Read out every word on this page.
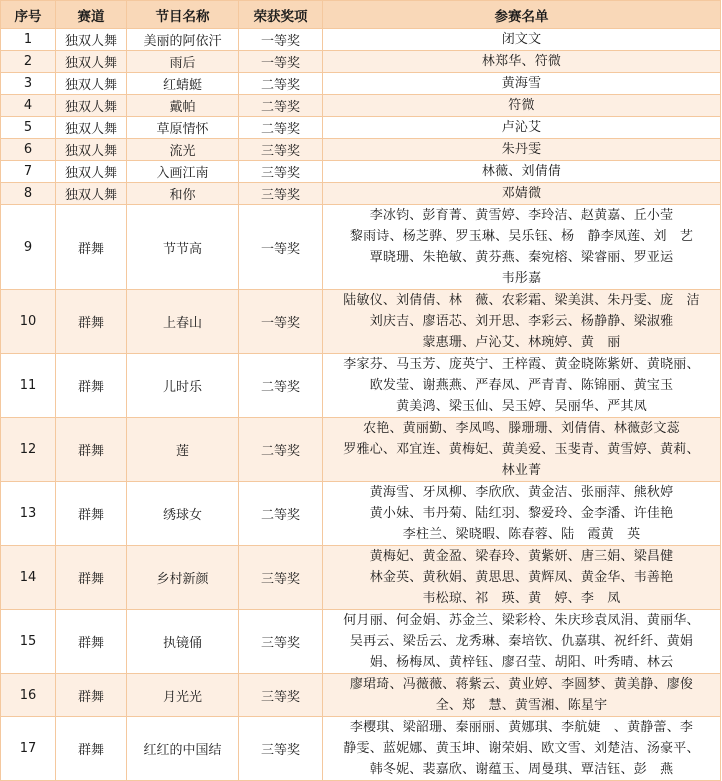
序号	赛道	节目名称	荣获奖项	参赛名单
1	独双人舞	美丽的阿依汗	一等奖	闭文文

2	独双人舞	雨后	一等奖	林郑华、符微

3	独双人舞	红蜻蜓	二等奖	黄海雪

4	独双人舞	戴帕	二等奖	符微

5	独双人舞	草原情怀	二等奖	卢沁艾

6	独双人舞	流光	三等奖	朱丹雯

7	独双人舞	入画江南	三等奖	林薇、刘倩倩

8	独双人舞	和你	三等奖	邓婧微

9	群舞	节节高	一等奖	李冰钧、彭育菁、黄雪婷、李玲洁、赵黄嘉、丘小莹
黎雨诗、杨芝骅、罗玉琳、吴乐钰、杨　静李凤莲、刘　艺
覃晓珊、朱艳敏、黄芬燕、秦宛榕、梁睿丽、罗亚运
韦彤嘉

10	群舞	上春山	一等奖	陆敏仪、刘倩倩、林　薇、农彩霜、梁美淇、朱丹雯、庞　洁
刘庆吉、廖语芯、刘开思、李彩云、杨静静、梁淑雅
蒙惠珊、卢沁艾、林琬婷、黄　丽

11	群舞	儿时乐	二等奖	李家芬、马玉芳、庞英宁、王梓霞、黄金晓陈紫妍、黄晓丽、
欧发莹、谢燕燕、严春凤、严青青、陈锦丽、黄宝玉
黄美鸿、梁玉仙、吴玉婷、吴丽华、严其凤

12	群舞	莲	二等奖	农艳、黄丽勤、李凤鸣、滕珊珊、刘倩倩、林薇彭文蕊
罗雅心、邓宜连、黄梅妃、黄美爱、玉斐青、黄雪婷、黄莉、
林业菁

13	群舞	绣球女	二等奖	黄海雪、牙凤柳、李欣欣、黄金洁、张丽萍、熊秋婷
黄小妹、韦丹菊、陆红羽、黎爱玲、金李潘、许佳艳
李柱兰、梁晓暇、陈春蓉、陆　霞黄　英

14	群舞	乡村新颜	三等奖	黄梅妃、黄金盈、梁春玲、黄紫妍、唐三娟、梁昌健
林金英、黄秋娟、黄思思、黄辉凤、黄金华、韦善艳
韦松琼、祁　瑛、黄　婷、李　凤

15	群舞	执镜俑	三等奖	何月丽、何金娟、苏金兰、梁彩柃、朱庆珍袁凤涓、黄丽华、
吴再云、梁岳云、龙秀琳、秦培钦、仇嘉琪、祝纤纤、黄娟
娟、杨梅凤、黄梓钰、廖召莹、胡阳、叶秀晴、林云

16	群舞	月光光	三等奖	廖珺琦、冯薇薇、蒋紫云、黄业婷、李圆梦、黄美静、廖俊
全、郑　慧、黄雪湘、陈星宇

17	群舞	红红的中国结	三等奖	李樱琪、梁韶珊、秦丽丽、黄娜琪、李航婕　、黄静蕾、李
静雯、蓝妮娜、黄玉坤、谢荣娟、欧文雪、刘楚洁、汤豪平、
韩冬妮、裴嘉欣、谢蕴玉、周曼琪、覃洁钰、彭　燕
